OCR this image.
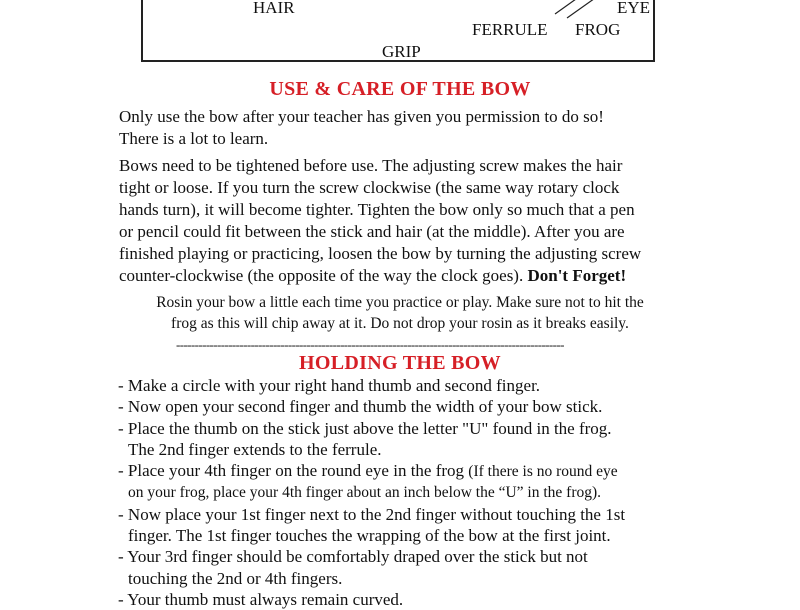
HAIR	EYE
FERRULE FROG
GRIP
USE & CARE OF THE BOW

Only use the bow after your teacher has given you permission to do so!
There is a lot to learn.

Bows need to be tightened before use. The adjusting screw makes the hair
tight or loose. If you turn the screw clockwise (the same way rotary clock
hands turn), it will become tighter. Tighten the bow only so much that a pen
or pencil could fit between the stick and hair (at the middle). After you are
finished playing or practicing, loosen the bow by turning the adjusting screw
counter-clockwise (the opposite of the way the clock goes). Don't Forget!

Rosin your bow a little each time you practice or play. Make sure not to hit the
frog as this will chip away at it. Do not drop your rosin as it breaks easily.

--------------------------------------------------------------------------------------------------------
HOLDING THE BOW
- Make a circle with your right hand thumb and second finger.
- Now open your second finger and thumb the width of your bow stick.
- Place the thumb on the stick just above the letter "U" found in the frog.
The 2nd finger extends to the ferrule.
- Place your 4th finger on the round eye in the frog (If there is no round eye
on your frog, place your 4th finger about an inch below the “U” in the frog).
- Now place your 1st finger next to the 2nd finger without touching the 1st
finger. The 1st finger touches the wrapping of the bow at the first joint.
- Your 3rd finger should be comfortably draped over the stick but not
touching the 2nd or 4th fingers.
- Your thumb must always remain curved.
